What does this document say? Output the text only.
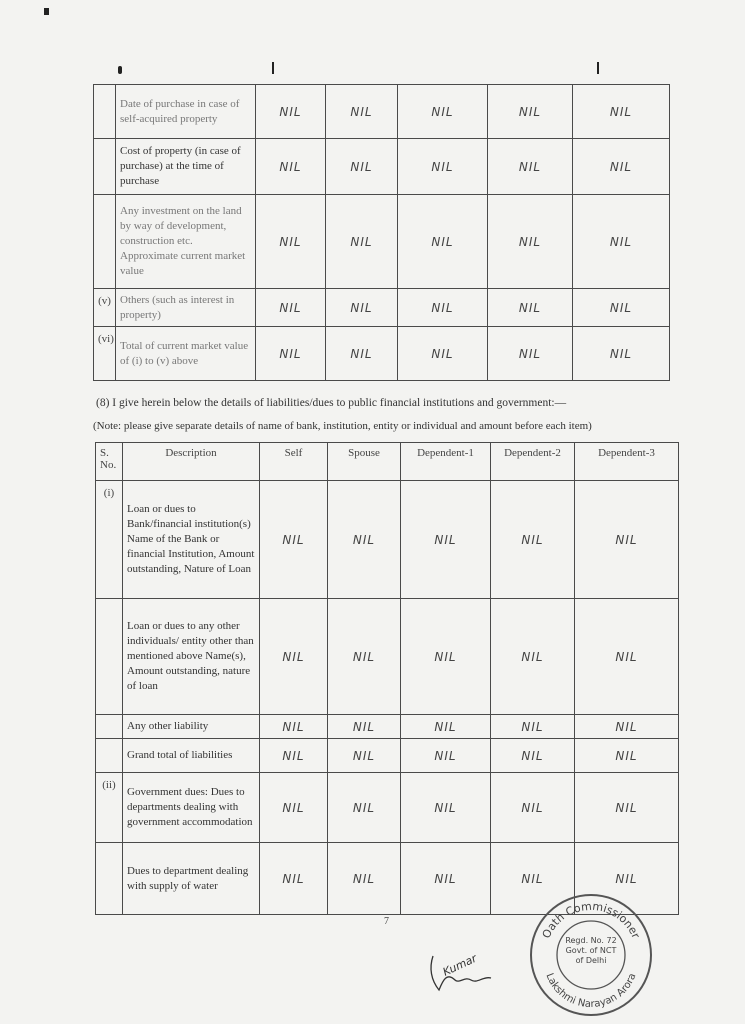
	Date of purchase in case of self-acquired property	NIL	NIL	NIL	NIL	NIL
	Cost of property (in case of purchase) at the time of purchase	NIL	NIL	NIL	NIL	NIL
	Any investment on the land by way of development, construction etc. Approximate current market value	NIL	NIL	NIL	NIL	NIL
(v)	Others (such as interest in property)	NIL	NIL	NIL	NIL	NIL
(vi)	Total of current market value of (i) to (v) above	NIL	NIL	NIL	NIL	NIL
(8) I give herein below the details of liabilities/dues to public financial institutions and government:—
(Note: please give separate details of name of bank, institution, entity or individual and amount before each item)
S. No.	Description	Self	Spouse	Dependent-1	Dependent-2	Dependent-3
(i)	Loan or dues to Bank/financial institution(s) Name of the Bank or financial Institution, Amount outstanding, Nature of Loan	NIL	NIL	NIL	NIL	NIL
	Loan or dues to any other individuals/ entity other than mentioned above Name(s), Amount outstanding, nature of loan	NIL	NIL	NIL	NIL	NIL
	Any other liability	NIL	NIL	NIL	NIL	NIL
	Grand total of liabilities	NIL	NIL	NIL	NIL	NIL
(ii)	Government dues: Dues to departments dealing with government accommodation	NIL	NIL	NIL	NIL	NIL
	Dues to department dealing with supply of water	NIL	NIL	NIL	NIL	NIL
7
Kumar
Oath Commissioner
Lakshmi Narayan Arora
Regd. No. 72 Govt. of NCT of Delhi
